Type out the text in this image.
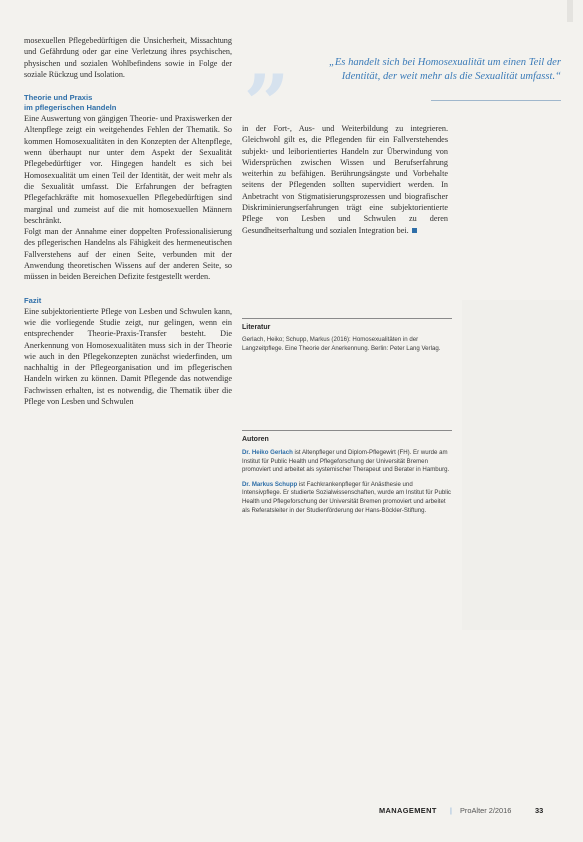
mosexuellen Pflegebedürftigen die Unsicherheit, Missachtung und Gefährdung oder gar eine Verletzung ihres psychischen, physischen und sozialen Wohlbefindens sowie in Folge der soziale Rückzug und Isolation.

Theorie und Praxis

im pflegerischen Handeln

Eine Auswertung von gängigen Theorie- und Praxiswerken der Altenpflege zeigt ein weitgehendes Fehlen der Thematik. So kommen Homosexualitäten in den Konzepten der Altenpflege, wenn überhaupt nur unter dem Aspekt der Sexualität Pflegebedürftiger vor. Hingegen handelt es sich bei Homosexualität um einen Teil der Identität, der weit mehr als die Sexualität umfasst. Die Erfahrungen der befragten Pflegefachkräfte mit homosexuellen Pflegebedürftigen sind marginal und zumeist auf die mit homosexuellen Männern beschränkt.

Folgt man der Annahme einer doppelten Professionalisierung des pflegerischen Handelns als Fähigkeit des hermeneutischen Fallverstehens auf der einen Seite, verbunden mit der Anwendung theoretischen Wissens auf der anderen Seite, so müssen in beiden Bereichen Defizite festgestellt werden.

Fazit

Eine subjektorientierte Pflege von Lesben und Schwulen kann, wie die vorliegende Studie zeigt, nur gelingen, wenn ein entsprechender Theorie-Praxis-Transfer besteht. Die Anerkennung von Homosexualitäten muss sich in der Theorie wie auch in den Pflegekonzepten zunächst wiederfinden, um nachhaltig in der Pflegeorganisation und im pflegerischen Handeln wirken zu können. Damit Pflegende das notwendige Fachwissen erhalten, ist es notwendig, die Thematik über die Pflege von Lesben und Schwulen

„	„Es handelt sich bei Homosexualität um einen Teil der
Identität, der weit mehr als die Sexualität umfasst.“

in der Fort-, Aus- und Weiterbildung zu integrieren. Gleichwohl gilt es, die Pflegenden für ein Fallverstehendes subjekt- und leiborientiertes Handeln zur Überwindung von Widersprüchen zwischen Wissen und Berufserfahrung weiterhin zu befähigen. Berührungsängste und Vorbehalte seitens der Pflegenden sollten supervidiert werden. In Anbetracht von Stigmatisierungsprozessen und biografischer Diskriminierungserfahrungen trägt eine subjektorientierte Pflege von Lesben und Schwulen zu deren Gesundheitserhaltung und sozialen Integration bei.

Literatur

Gerlach, Heiko; Schupp, Markus (2016): Homosexualitäten in der Langzeitpflege. Eine Theorie der Anerkennung. Berlin: Peter Lang Verlag.

Autoren

Dr. Heiko Gerlach ist Altenpfleger und Diplom-Pflegewirt (FH). Er wurde am Institut für Public Health und Pflegeforschung der Universität Bremen promoviert und arbeitet als systemischer Therapeut und Berater in Hamburg.

Dr. Markus Schupp ist Fachkrankenpfleger für Anästhesie und Intensivpflege. Er studierte Sozialwissenschaften, wurde am Institut für Public Health und Pflegeforschung der Universität Bremen promoviert und arbeitet als Referatsleiter in der Studienförderung der Hans-Böckler-Stiftung.

MANAGEMENT | ProAlter 2/2016	33
